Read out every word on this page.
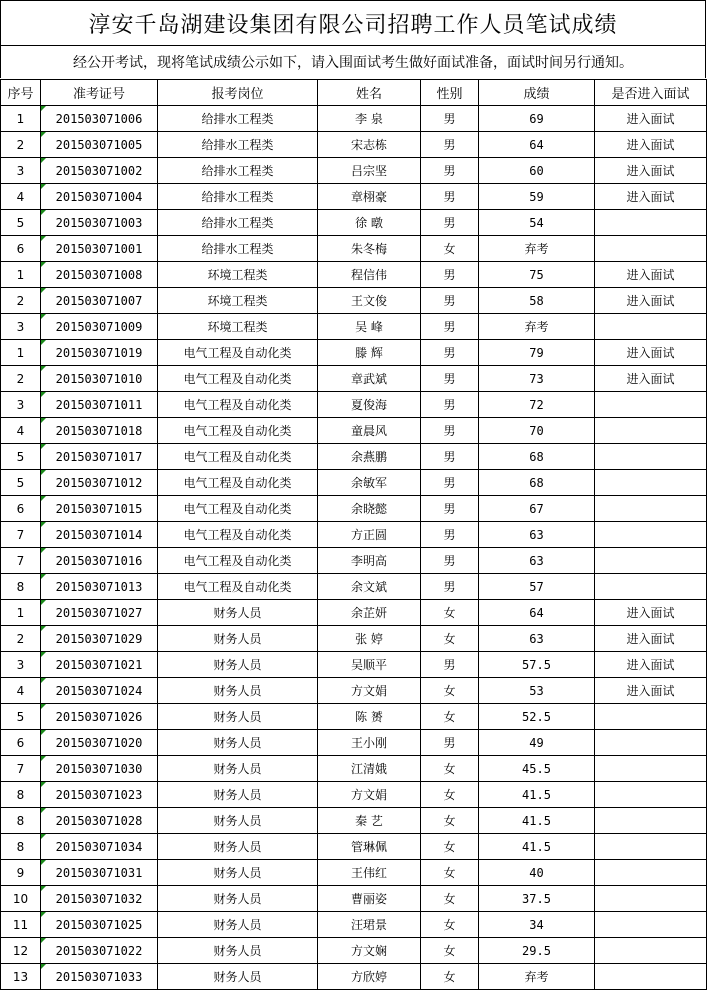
淳安千岛湖建设集团有限公司招聘工作人员笔试成绩
经公开考试，现将笔试成绩公示如下，请入围面试考生做好面试准备，面试时间另行通知。
序号	准考证号	报考岗位	姓名	性别	成绩	是否进入面试
1	201503071006	给排水工程类	李 泉	男	69	进入面试
2	201503071005	给排水工程类	宋志栋	男	64	进入面试
3	201503071002	给排水工程类	吕宗坚	男	60	进入面试
4	201503071004	给排水工程类	章栩豪	男	59	进入面试
5	201503071003	给排水工程类	徐 暾	男	54	
6	201503071001	给排水工程类	朱冬梅	女	弃考	
1	201503071008	环境工程类	程信伟	男	75	进入面试
2	201503071007	环境工程类	王文俊	男	58	进入面试
3	201503071009	环境工程类	吴 峰	男	弃考	
1	201503071019	电气工程及自动化类	滕 辉	男	79	进入面试
2	201503071010	电气工程及自动化类	章武斌	男	73	进入面试
3	201503071011	电气工程及自动化类	夏俊海	男	72	
4	201503071018	电气工程及自动化类	童晨风	男	70	
5	201503071017	电气工程及自动化类	余燕鹏	男	68	
5	201503071012	电气工程及自动化类	余敏军	男	68	
6	201503071015	电气工程及自动化类	余晓懿	男	67	
7	201503071014	电气工程及自动化类	方正圆	男	63	
7	201503071016	电气工程及自动化类	李明高	男	63	
8	201503071013	电气工程及自动化类	余文斌	男	57	
1	201503071027	财务人员	余芷妍	女	64	进入面试
2	201503071029	财务人员	张 婷	女	63	进入面试
3	201503071021	财务人员	吴顺平	男	57.5	进入面试
4	201503071024	财务人员	方文娟	女	53	进入面试
5	201503071026	财务人员	陈 赟	女	52.5	
6	201503071020	财务人员	王小刚	男	49	
7	201503071030	财务人员	江清娥	女	45.5	
8	201503071023	财务人员	方文娟	女	41.5	
8	201503071028	财务人员	秦 艺	女	41.5	
8	201503071034	财务人员	管琳佩	女	41.5	
9	201503071031	财务人员	王伟红	女	40	
10	201503071032	财务人员	曹丽姿	女	37.5	
11	201503071025	财务人员	汪珺景	女	34	
12	201503071022	财务人员	方文娴	女	29.5	
13	201503071033	财务人员	方欣婷	女	弃考	
